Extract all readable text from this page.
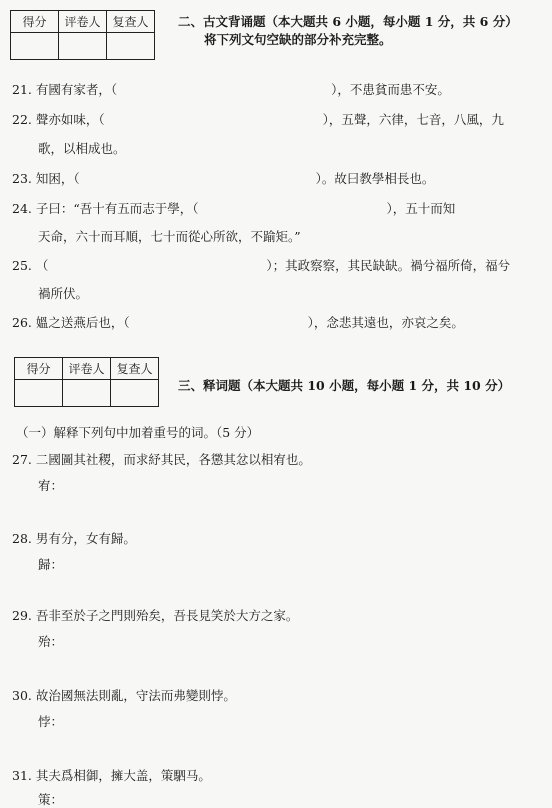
得分	评卷人	复查人
		二、古文背诵题（本大题共 6 小题，每小题 1 分，共 6 分）
将下列文句空缺的部分补充完整。
21. 有國有家者，（	），不患貧而患不安。
22. 聲亦如味，（	），五聲，六律，七音，八風，九
歌，以相成也。
23. 知困，（	）。故曰教學相長也。
24. 子曰：“吾十有五而志于學，（	），五十而知
天命，六十而耳順，七十而從心所欲，不踰矩。”
25. （	）；其政察察，其民缺缺。禍兮福所倚，福兮
禍所伏。
26. 媼之送燕后也，（	），念悲其遠也，亦哀之矣。
得分	评卷人	复查人

三、释词题（本大题共 10 小题，每小题 1 分，共 10 分）
（一）解释下列句中加着重号的词。（5 分）
27. 二國圖其社稷，而求紓其民，各懲其忿以相宥也。
宥：
28. 男有分，女有歸。
歸：
29. 吾非至於子之門則殆矣，吾長見笑於大方之家。
殆：
30. 故治國無法則亂，守法而弗變則悖。
悖：
31. 其夫爲相御，擁大盖，策駟马。
策：
